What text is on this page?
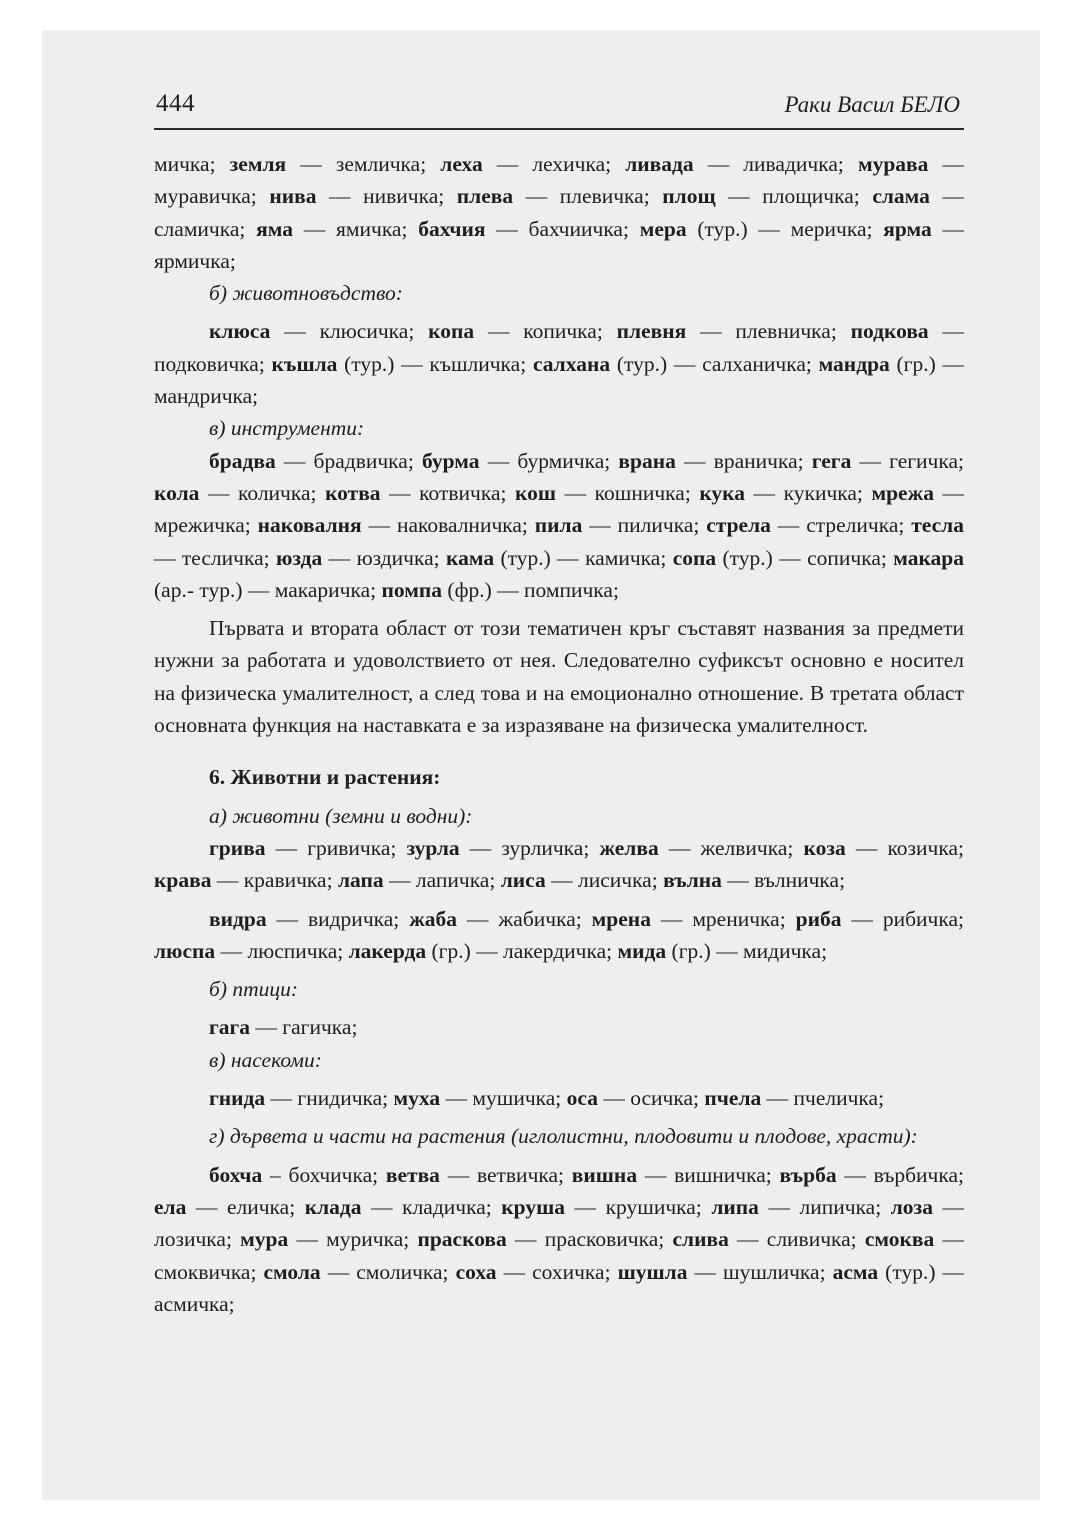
444	Раки Васил БЕЛО

мичка; земля — земличка; леха — лехичка; ливада — ливадичка; мурава — муравичка; нива — нивичка; плева — плевичка; площ — площичка; слама — сламичка; яма — ямичка; бахчия — бахчиичка; мера (тур.) — меричка; ярма — ярмичка;

б) животновъдство:

клюса — клюсичка; копа — копичка; плевня — плевничка; подкова — подковичка; къшла (тур.) — къшличка; салхана (тур.) — салханичка; мандра (гр.) — мандричка;

в) инструменти:

брадва — брадвичка; бурма — бурмичка; врана — враничка; гега — гегичка; кола — количка; котва — котвичка; кош — кошничка; кука — кукичка; мрежа — мрежичка; наковалня — наковалничка; пила — пиличка; стрела — стреличка; тесла — тесличка; юзда — юздичка; кама (тур.) — камичка; сопа (тур.) — сопичка; макара (ар.- тур.) — макаричка; помпа (фр.) — помпичка;

Първата и втората област от този тематичен кръг съставят названия за предмети нужни за работата и удоволствието от нея. Следователно суфиксът основно е носител на физическа умалителност, а след това и на емоционално отношение. В третата област основната функция на наставката е за изразяване на физическа умалителност.

6. Животни и растения:

а) животни (земни и водни):

грива — гривичка; зурла — зурличка; желва — желвичка; коза — козичка; крава — кравичка; лапа — лапичка; лиса — лисичка; вълна — вълничка;

видра — видричка; жаба — жабичка; мрена — мреничка; риба — рибичка; люспа — люспичка; лакерда (гр.) — лакердичка; мида (гр.) — мидичка;

б) птици:

гага — гагичка;

в) насекоми:

гнида — гнидичка; муха — мушичка; оса — осичка; пчела — пчеличка;

г) дървета и части на растения (иглолистни, плодовити и плодове, храсти):

бохча – бохчичка; ветва — ветвичка; вишна — вишничка; върба — върбичка; ела — еличка; клада — кладичка; круша — крушичка; липа — липичка; лоза — лозичка; мура — муричка; праскова — прасковичка; слива — сливичка; смоква — смоквичка; смола — смоличка; соха — сохичка; шушла — шушличка; асма (тур.) — асмичка;
